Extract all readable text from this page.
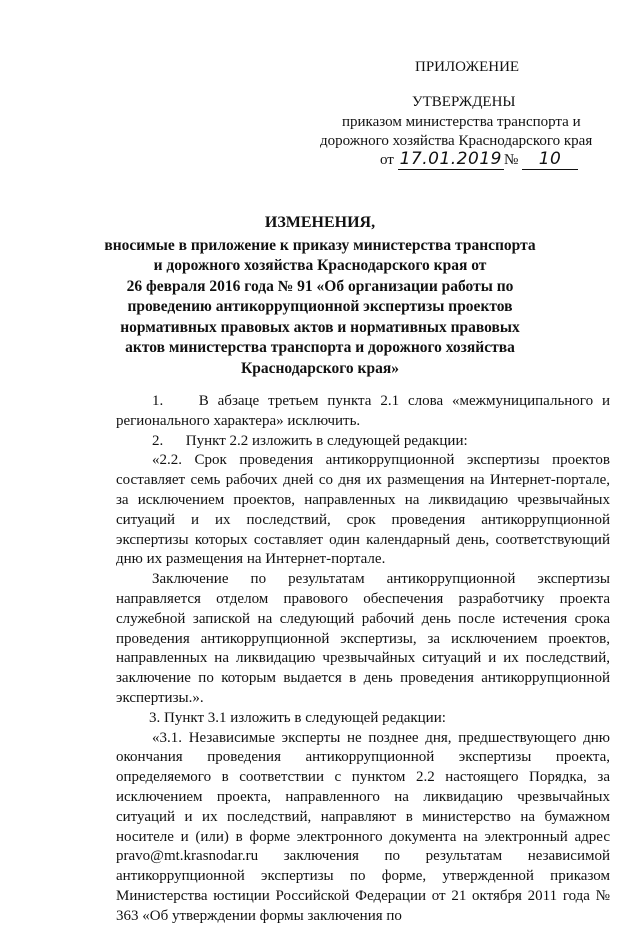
ПРИЛОЖЕНИЕ
УТВЕРЖДЕНЫ
приказом министерства транспорта и
дорожного хозяйства Краснодарского края
от 17.01.2019 № 10
ИЗМЕНЕНИЯ,
вносимые в приложение к приказу министерства транспорта
и дорожного хозяйства Краснодарского края от
26 февраля 2016 года № 91 «Об организации работы по
проведению антикоррупционной экспертизы проектов
нормативных правовых актов и нормативных правовых
актов министерства транспорта и дорожного хозяйства
Краснодарского края»

1.    В абзаце третьем пункта 2.1 слова «межмуниципального и регионального характера» исключить.

2.      Пункт 2.2 изложить в следующей редакции:

«2.2. Срок проведения антикоррупционной экспертизы проектов составляет семь рабочих дней со дня их размещения на Интернет-портале, за исключением проектов, направленных на ликвидацию чрезвычайных ситуаций и их последствий, срок проведения антикоррупционной экспертизы которых составляет один календарный день, соответствующий дню их размещения на Интернет-портале.

Заключение по результатам антикоррупционной экспертизы направляется отделом правового обеспечения разработчику проекта служебной запиской на следующий рабочий день после истечения срока проведения антикоррупционной экспертизы, за исключением проектов, направленных на ликвидацию чрезвычайных ситуаций и их последствий, заключение по которым выдается в день проведения антикоррупционной экспертизы.».

3. Пункт 3.1 изложить в следующей редакции:

«3.1. Независимые эксперты не позднее дня, предшествующего дню окончания проведения антикоррупционной экспертизы проекта, определяемого в соответствии с пунктом 2.2 настоящего Порядка, за исключением проекта, направленного на ликвидацию чрезвычайных ситуаций и их последствий, направляют в министерство на бумажном носителе и (или) в форме электронного документа на электронный адрес pravo@mt.krasnodar.ru заключения по результатам независимой антикоррупционной экспертизы по форме, утвержденной приказом Министерства юстиции Российской Федерации от 21 октября 2011 года № 363 «Об утверждении формы заключения по
